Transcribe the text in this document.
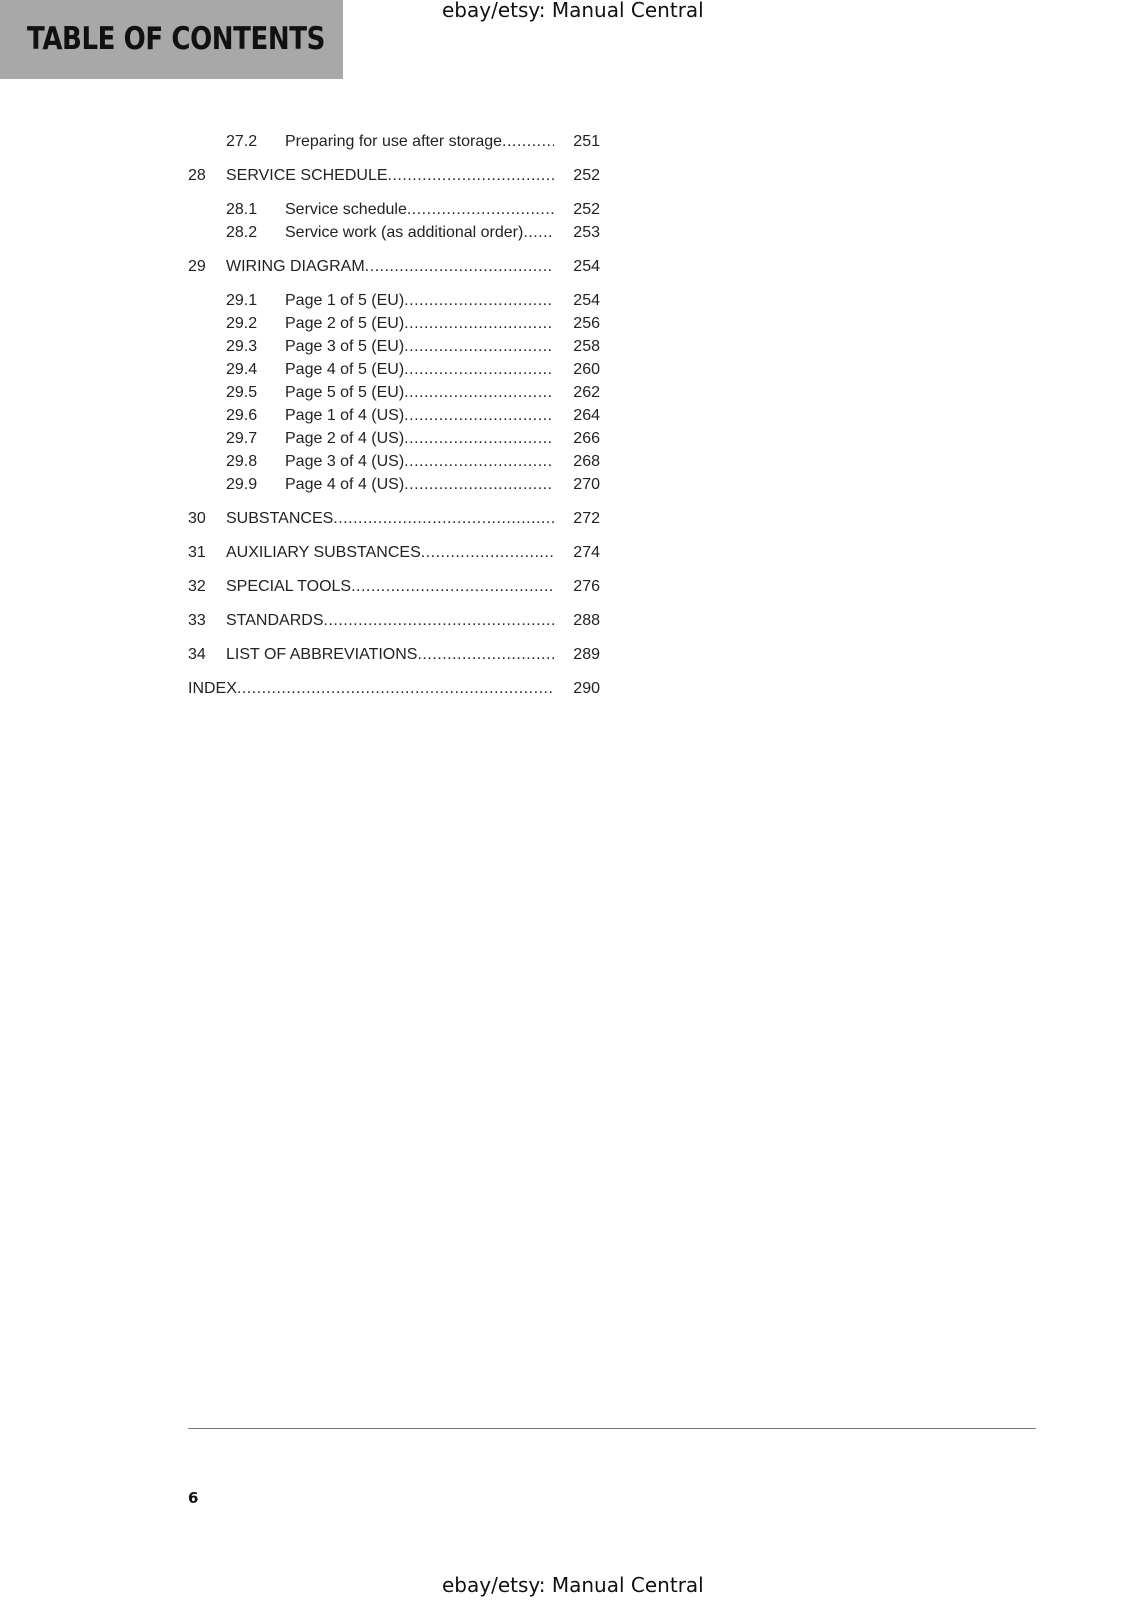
TABLE OF CONTENTS
ebay/etsy: Manual Central
27.2 Preparing for use after storage .....	251
28 SERVICE SCHEDULE .....	252
28.1 Service schedule .....	252
28.2 Service work (as additional order) .....	253
29 WIRING DIAGRAM .....	254
29.1 Page 1 of 5 (EU) .....	254
29.2 Page 2 of 5 (EU) .....	256
29.3 Page 3 of 5 (EU) .....	258
29.4 Page 4 of 5 (EU) .....	260
29.5 Page 5 of 5 (EU) .....	262
29.6 Page 1 of 4 (US) .....	264
29.7 Page 2 of 4 (US) .....	266
29.8 Page 3 of 4 (US) .....	268
29.9 Page 4 of 4 (US) .....	270
30 SUBSTANCES .....	272
31 AUXILIARY SUBSTANCES .....	274
32 SPECIAL TOOLS .....	276
33 STANDARDS .....	288
34 LIST OF ABBREVIATIONS .....	289
INDEX .....	290
6
ebay/etsy: Manual Central
